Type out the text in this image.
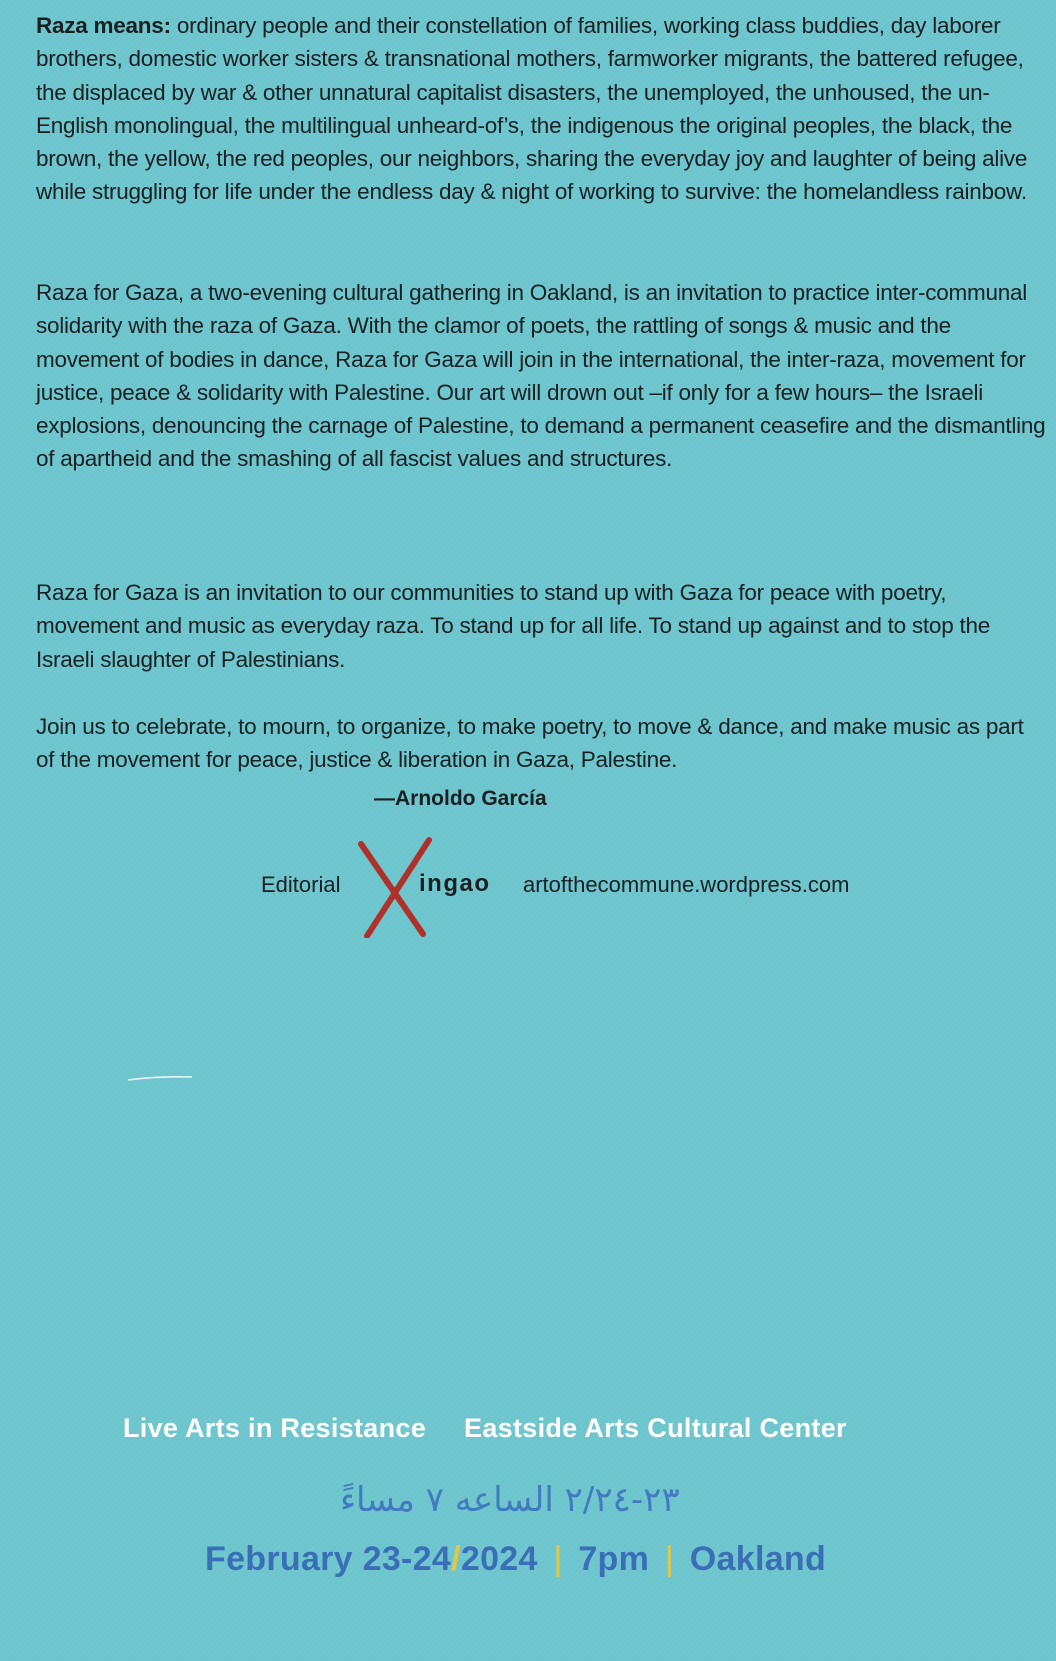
Raza means: ordinary people and their constellation of families, working class buddies, day laborer brothers, domestic worker sisters & transnational mothers, farmworker migrants, the battered refugee, the displaced by war & other unnatural capitalist disasters, the unemployed, the unhoused, the un-English monolingual, the multilingual unheard-of’s, the indigenous the original peoples, the black, the brown, the yellow, the red peoples, our neighbors, sharing the everyday joy and laughter of being alive while struggling for life under the endless day & night of working to survive: the homelandless rainbow.

Raza for Gaza, a two-evening cultural gathering in Oakland, is an invitation to practice inter-communal solidarity with the raza of Gaza. With the clamor of poets, the rattling of songs & music and the movement of bodies in dance, Raza for Gaza will join in the international, the inter-raza, movement for justice, peace & solidarity with Palestine. Our art will drown out –if only for a few hours– the Israeli explosions, denouncing the carnage of Palestine, to demand a permanent ceasefire and the dismantling of apartheid and the smashing of all fascist values and structures.

Raza for Gaza is an invitation to our communities to stand up with Gaza for peace with poetry, movement and music as everyday raza. To stand up for all life. To stand up against and to stop the Israeli slaughter of Palestinians.

Join us to celebrate, to mourn, to organize, to make poetry, to move & dance, and make music as part of the movement for peace, justice & liberation in Gaza, Palestine.

—Arnoldo García

Editorial	ingao artofthecommune.wordpress.com
Live Arts in Resistance Eastside Arts Cultural Center
٢٣-٢/٢٤ الساعه ٧ مساءً
February 23-24/2024 | 7pm | Oakland
